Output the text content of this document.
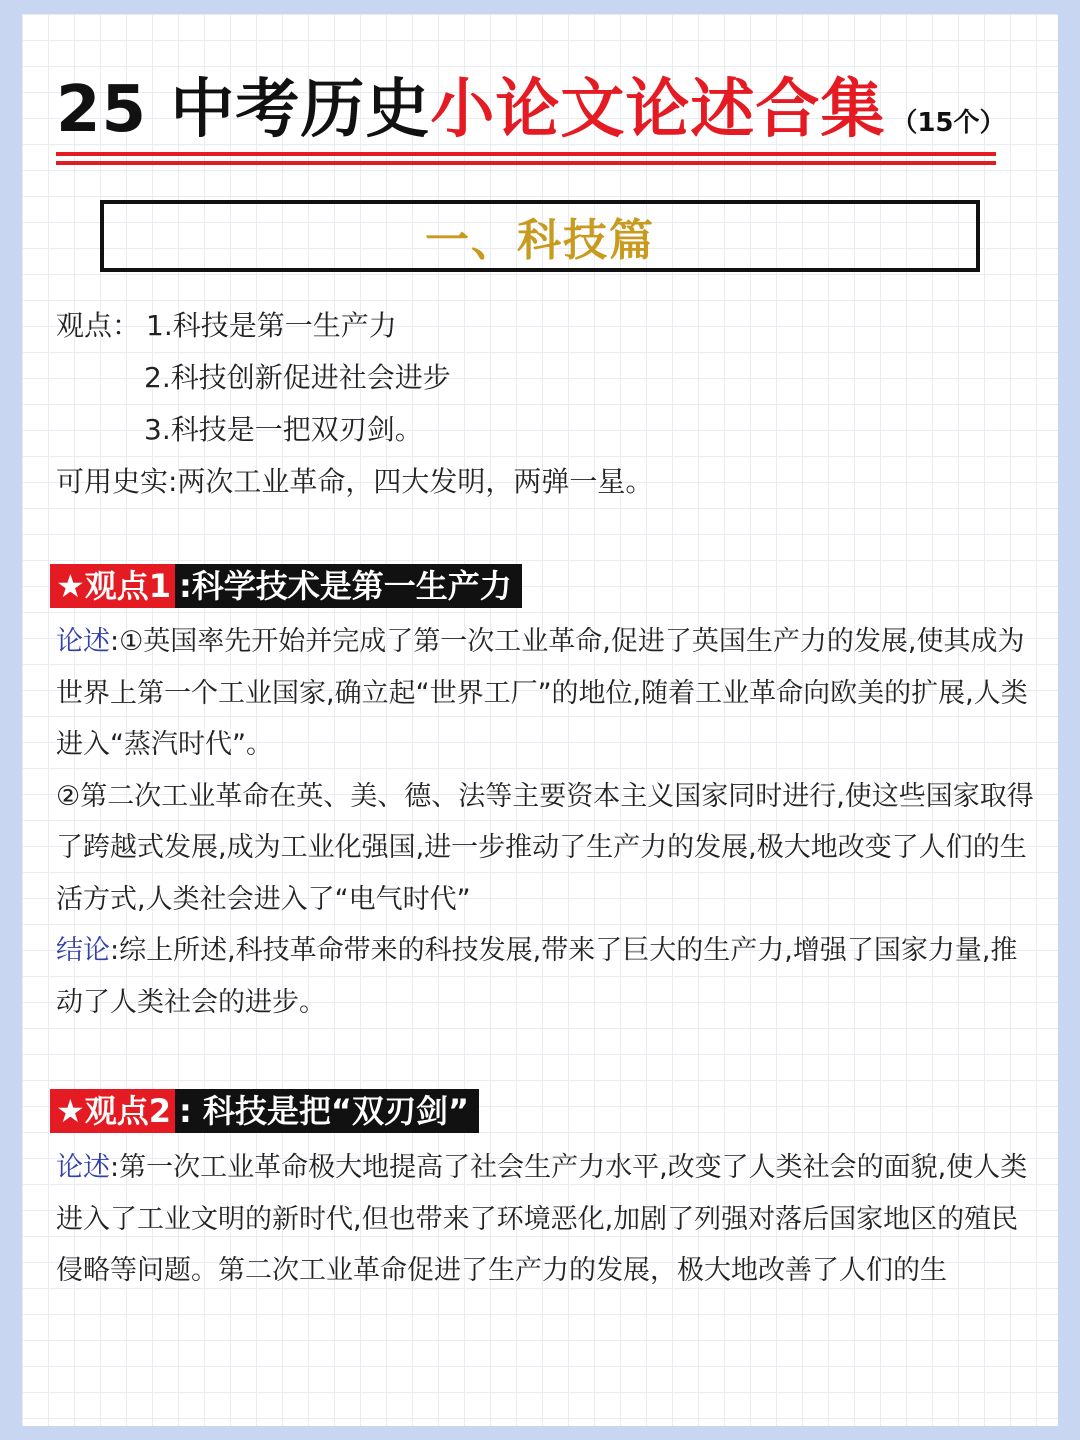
25 中考历史小论文论述合集 （15个）
一、科技篇
观点： 1.科技是第一生产力
2.科技创新促进社会进步
3.科技是一把双刃剑。
可用史实:两次工业革命，四大发明，两弹一星。
★观点1 :科学技术是第一生产力
论述:①英国率先开始并完成了第一次工业革命,促进了英国生产力的发展,使其成为世界上第一个工业国家,确立起“世界工厂”的地位,随着工业革命向欧美的扩展,人类进入“蒸汽时代”。
②第二次工业革命在英、美、德、法等主要资本主义国家同时进行,使这些国家取得了跨越式发展,成为工业化强国,进一步推动了生产力的发展,极大地改变了人们的生活方式,人类社会进入了“电气时代”
结论:综上所述,科技革命带来的科技发展,带来了巨大的生产力,增强了国家力量,推动了人类社会的进步。
★观点2 : 科技是把“双刃剑”
论述:第一次工业革命极大地提高了社会生产力水平,改变了人类社会的面貌,使人类进入了工业文明的新时代,但也带来了环境恶化,加剧了列强对落后国家地区的殖民侵略等问题。第二次工业革命促进了生产力的发展，极大地改善了人们的生
